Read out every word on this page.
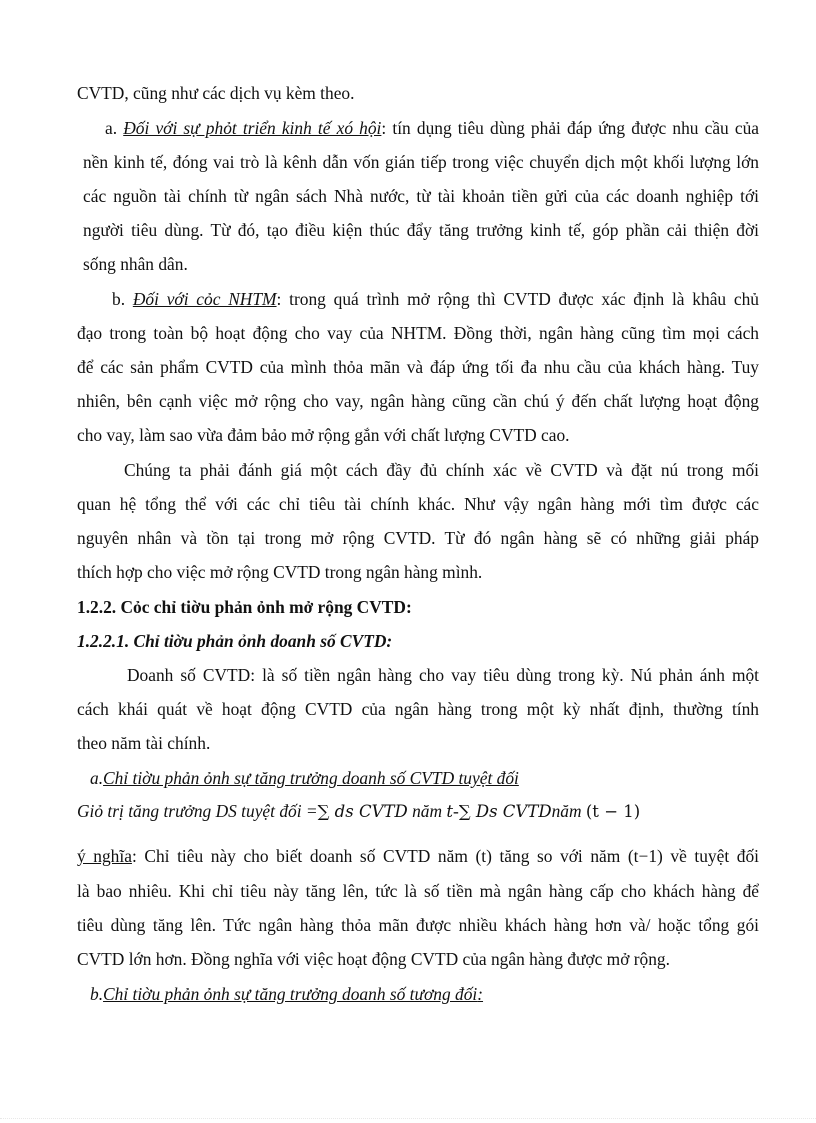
CVTD, cũng như các dịch vụ kèm theo.
a. Đối với sự phỏt triển kinh tế xó hội: tín dụng tiêu dùng phải đáp ứng được nhu cầu của
nền kinh tế, đóng vai trò là kênh dẫn vốn gián tiếp trong việc chuyển dịch một khối lượng lớn
các nguồn tài chính từ ngân sách Nhà nước, từ tài khoản tiền gửi của các doanh nghiệp tới
người tiêu dùng. Từ đó, tạo điều kiện thúc đẩy tăng trưởng kinh tế, góp phần cải thiện đời
sống nhân dân.
b. Đối với cỏc NHTM: trong quá trình mở rộng thì CVTD được xác định là khâu chủ
đạo trong toàn bộ hoạt động cho vay của NHTM. Đồng thời, ngân hàng cũng tìm mọi cách
để các sản phẩm CVTD của mình thỏa mãn và đáp ứng tối đa nhu cầu của khách hàng. Tuy
nhiên, bên cạnh việc mở rộng cho vay, ngân hàng cũng cần chú ý đến chất lượng hoạt động
cho vay, làm sao vừa đảm bảo mở rộng gắn với chất lượng CVTD cao.
Chúng ta phải đánh giá một cách đầy đủ chính xác về CVTD và đặt nú trong mối
quan hệ tổng thể với các chỉ tiêu tài chính khác. Như vậy ngân hàng mới tìm được các
nguyên nhân và tồn tại trong mở rộng CVTD. Từ đó ngân hàng sẽ có những giải pháp
thích hợp cho việc mở rộng CVTD trong ngân hàng mình.
1.2.2. Cỏc chỉ tiờu phản ỏnh mở rộng CVTD:
1.2.2.1. Chỉ tiờu phản ỏnh doanh số CVTD:
Doanh số CVTD: là số tiền ngân hàng cho vay tiêu dùng trong kỳ. Nú phản ánh một
cách khái quát về hoạt động CVTD của ngân hàng trong một kỳ nhất định, thường tính
theo năm tài chính.
a.Chỉ tiờu phản ỏnh sự tăng trưởng doanh số CVTD tuyệt đối
Giỏ trị tăng trưởng DS tuyệt đối =∑ ds CVTD năm t-∑ Ds CVTDnăm (t − 1)
ý nghĩa: Chỉ tiêu này cho biết doanh số CVTD năm (t) tăng so với năm (t−1) về tuyệt đối
là bao nhiêu. Khi chỉ tiêu này tăng lên, tức là số tiền mà ngân hàng cấp cho khách hàng để
tiêu dùng tăng lên. Tức ngân hàng thỏa mãn được nhiều khách hàng hơn và/ hoặc tổng gói
CVTD lớn hơn. Đồng nghĩa với việc hoạt động CVTD của ngân hàng được mở rộng.
b.Chỉ tiờu phản ỏnh sự tăng trưởng doanh số tương đối:
